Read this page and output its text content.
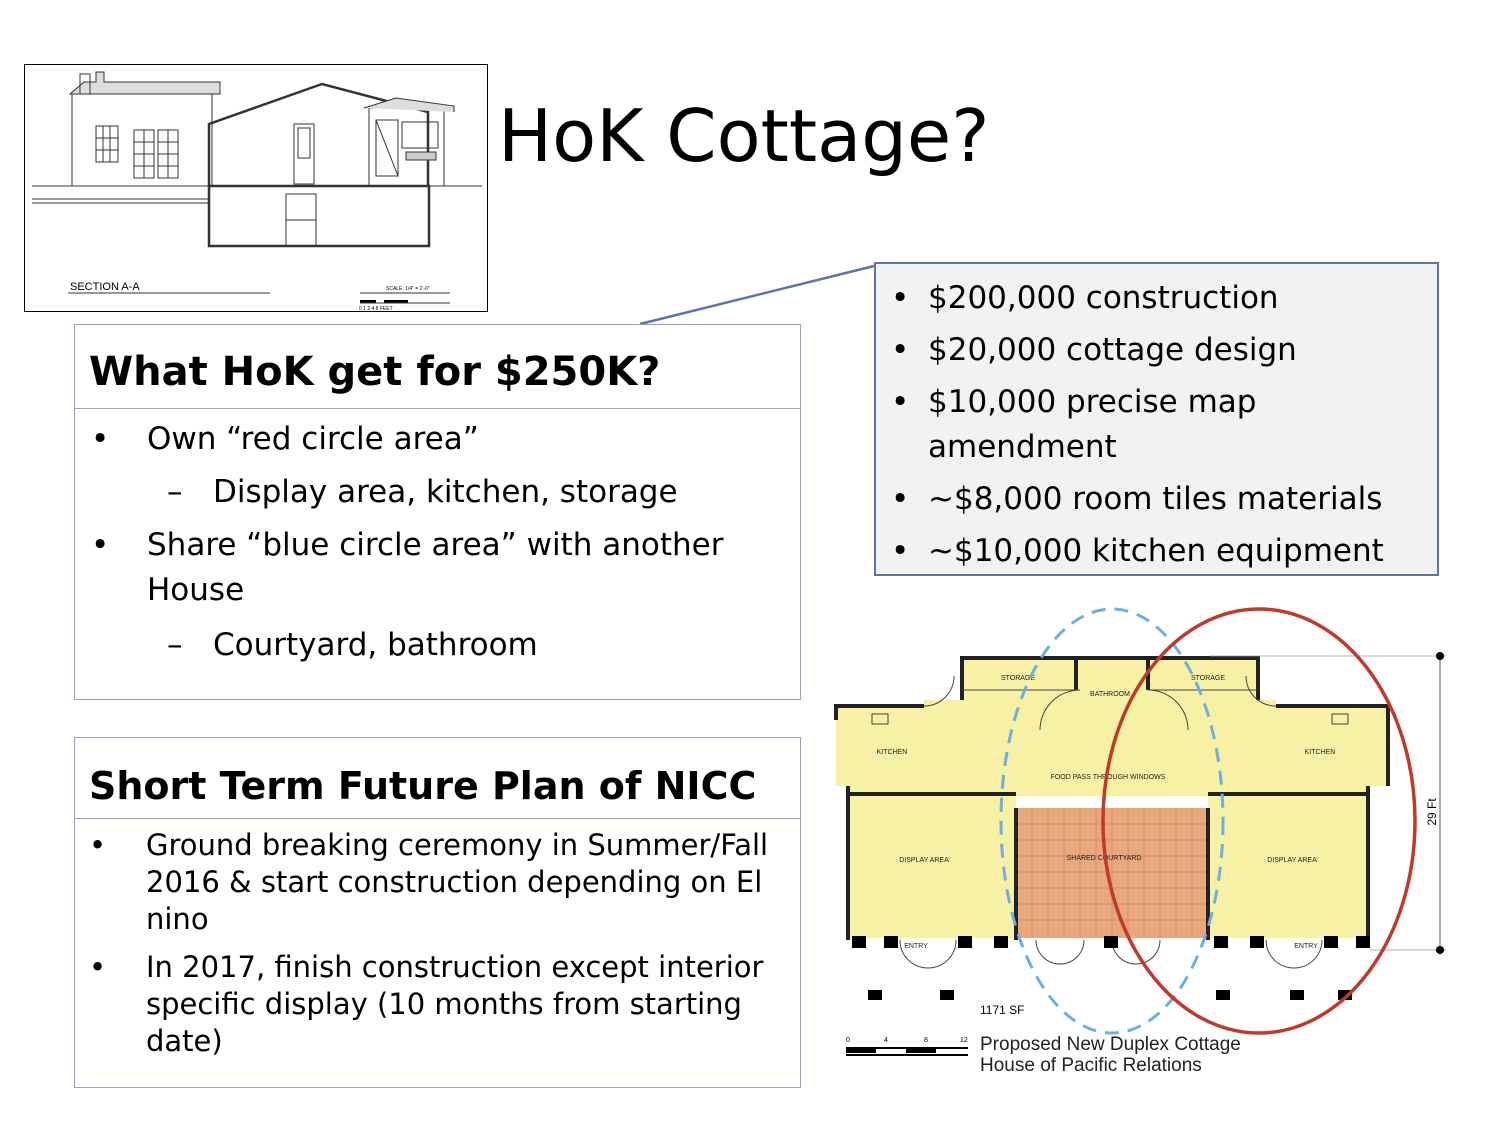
HoK Cottage?
SECTION A-A	SCALE: 1/4" = 1'-0"
0 1 2 4 8 FEET
What HoK get for $250K?
• Own “red circle area”
– Display area, kitchen, storage
• Share “blue circle area” with another House
– Courtyard, bathroom
Short Term Future Plan of NICC
• Ground breaking ceremony in Summer/Fall 2016 & start construction depending on El nino
• In 2017, finish construction except interior specific display (10 months from starting date)
• $200,000 construction
• $20,000 cottage design
• $10,000 precise map amendment
• ~$8,000 room tiles materials
• ~$10,000 kitchen equipment
29 Ft
STORAGE
BATHROOM
STORAGE
KITCHEN	KITCHEN
FOOD PASS THROUGH WINDOWS
DISPLAY AREA	DISPLAY AREA
SHARED COURTYARD
ENTRY	ENTRY
1171 SF
0	4	8	12 Proposed New Duplex Cottage
House of Pacific Relations
